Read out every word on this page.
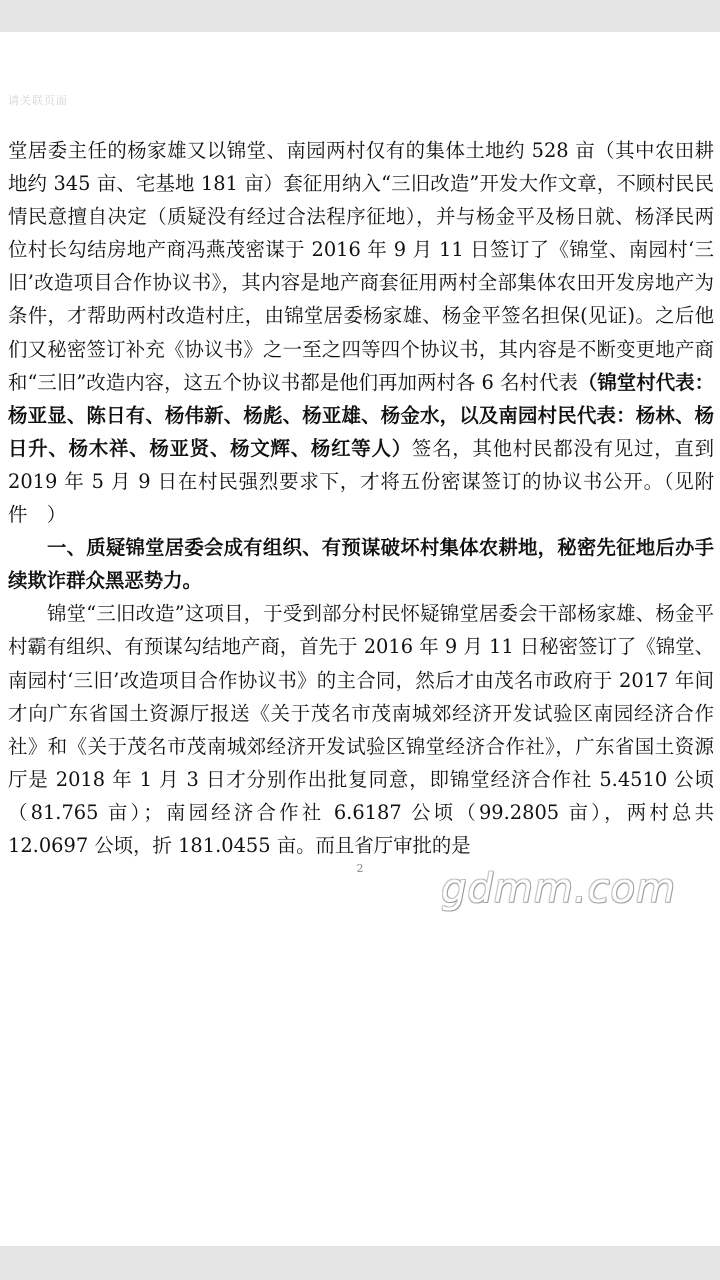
请关联页面

堂居委主任的杨家雄又以锦堂、南园两村仅有的集体土地约 528 亩（其中农田耕地约 345 亩、宅基地 181 亩）套征用纳入“三旧改造”开发大作文章，不顾村民民情民意擅自决定（质疑没有经过合法程序征地），并与杨金平及杨日就、杨泽民两位村长勾结房地产商冯燕茂密谋于 2016 年 9 月 11 日签订了《锦堂、南园村‘三旧’改造项目合作协议书》，其内容是地产商套征用两村全部集体农田开发房地产为条件，才帮助两村改造村庄，由锦堂居委杨家雄、杨金平签名担保(见证)。之后他们又秘密签订补充《协议书》之一至之四等四个协议书，其内容是不断变更地产商和“三旧”改造内容，这五个协议书都是他们再加两村各 6 名村代表（锦堂村代表：杨亚显、陈日有、杨伟新、杨彪、杨亚雄、杨金水，以及南园村民代表：杨林、杨日升、杨木祥、杨亚贤、杨文辉、杨红等人）签名，其他村民都没有见过，直到 2019 年 5 月 9 日在村民强烈要求下，才将五份密谋签订的协议书公开。（见附件　）

一、质疑锦堂居委会成有组织、有预谋破坏村集体农耕地，秘密先征地后办手续欺诈群众黑恶势力。

锦堂“三旧改造”这项目，于受到部分村民怀疑锦堂居委会干部杨家雄、杨金平村霸有组织、有预谋勾结地产商，首先于 2016 年 9 月 11 日秘密签订了《锦堂、南园村‘三旧’改造项目合作协议书》的主合同，然后才由茂名市政府于 2017 年间才向广东省国土资源厅报送《关于茂名市茂南城郊经济开发试验区南园经济合作社》和《关于茂名市茂南城郊经济开发试验区锦堂经济合作社》，广东省国土资源厅是 2018 年 1 月 3 日才分别作出批复同意，即锦堂经济合作社 5.4510 公顷（81.765 亩）；南园经济合作社 6.6187 公顷（99.2805 亩），两村总共 12.0697 公顷，折 181.0455 亩。而且省厅审批的是

2	gdmm.com
